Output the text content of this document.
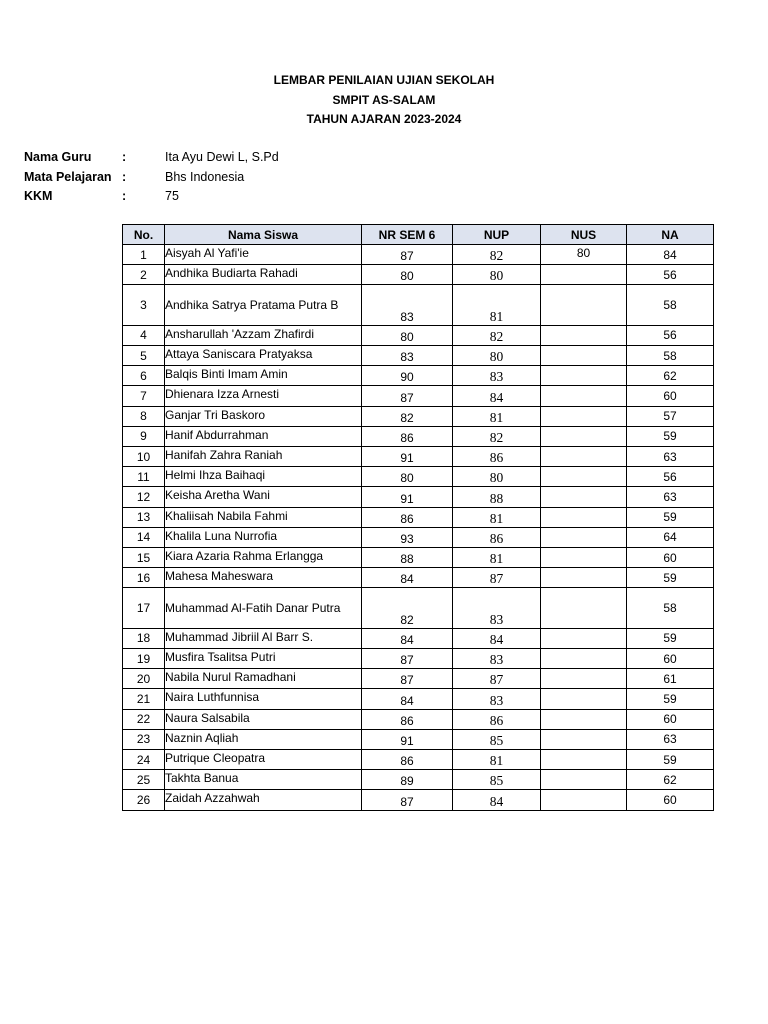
LEMBAR PENILAIAN UJIAN SEKOLAH
SMPIT AS-SALAM
TAHUN AJARAN 2023-2024
Nama Guru :	Ita Ayu Dewi L, S.Pd
Mata Pelajaran :	Bhs Indonesia
KKM	:	75
No.	Nama Siswa	NR SEM 6	NUP	NUS	NA
1	Aisyah Al Yafi'ie	87	82	80	84
2	Andhika Budiarta Rahadi	80	80		56
3	Andhika Satrya Pratama Putra B	83	81		58
4	Ansharullah 'Azzam Zhafirdi	80	82		56
5	Attaya Saniscara Pratyaksa	83	80		58
6	Balqis Binti Imam Amin	90	83		62
7	Dhienara Izza Arnesti	87	84		60
8	Ganjar Tri Baskoro	82	81		57
9	Hanif Abdurrahman	86	82		59
10	Hanifah Zahra Raniah	91	86		63
11	Helmi Ihza Baihaqi	80	80		56
12	Keisha Aretha Wani	91	88		63
13	Khaliisah Nabila Fahmi	86	81		59
14	Khalila Luna Nurrofia	93	86		64
15	Kiara Azaria Rahma Erlangga	88	81		60
16	Mahesa Maheswara	84	87		59
17	Muhammad Al-Fatih Danar Putra	82	83		58
18	Muhammad Jibriil Al Barr S.	84	84		59
19	Musfira Tsalitsa Putri	87	83		60
20	Nabila Nurul Ramadhani	87	87		61
21	Naira Luthfunnisa	84	83		59
22	Naura Salsabila	86	86		60
23	Naznin Aqliah	91	85		63
24	Putrique Cleopatra	86	81		59
25	Takhta Banua	89	85		62
26	Zaidah Azzahwah	87	84		60
